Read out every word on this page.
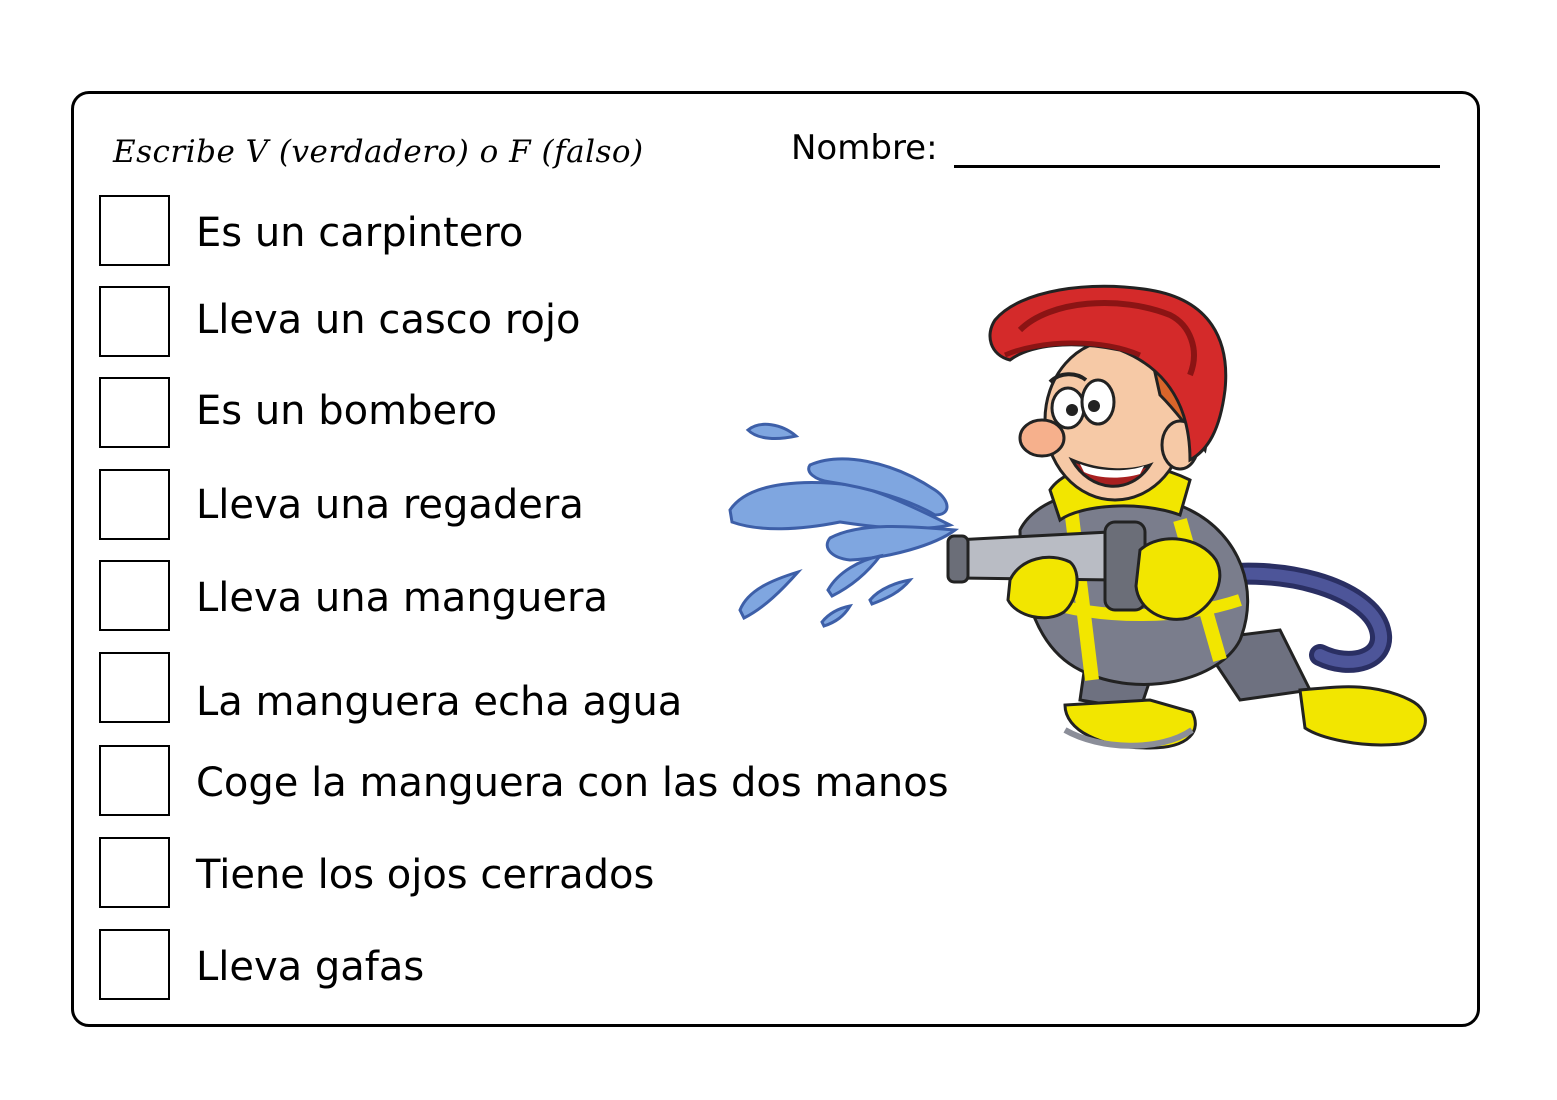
Escribe V (verdadero) o F (falso)	Nombre:
Es un carpintero
Lleva un casco rojo
Es un bombero
Lleva una regadera
Lleva una manguera
La manguera echa agua
Coge la manguera con las dos manos
Tiene los ojos cerrados
Lleva gafas
